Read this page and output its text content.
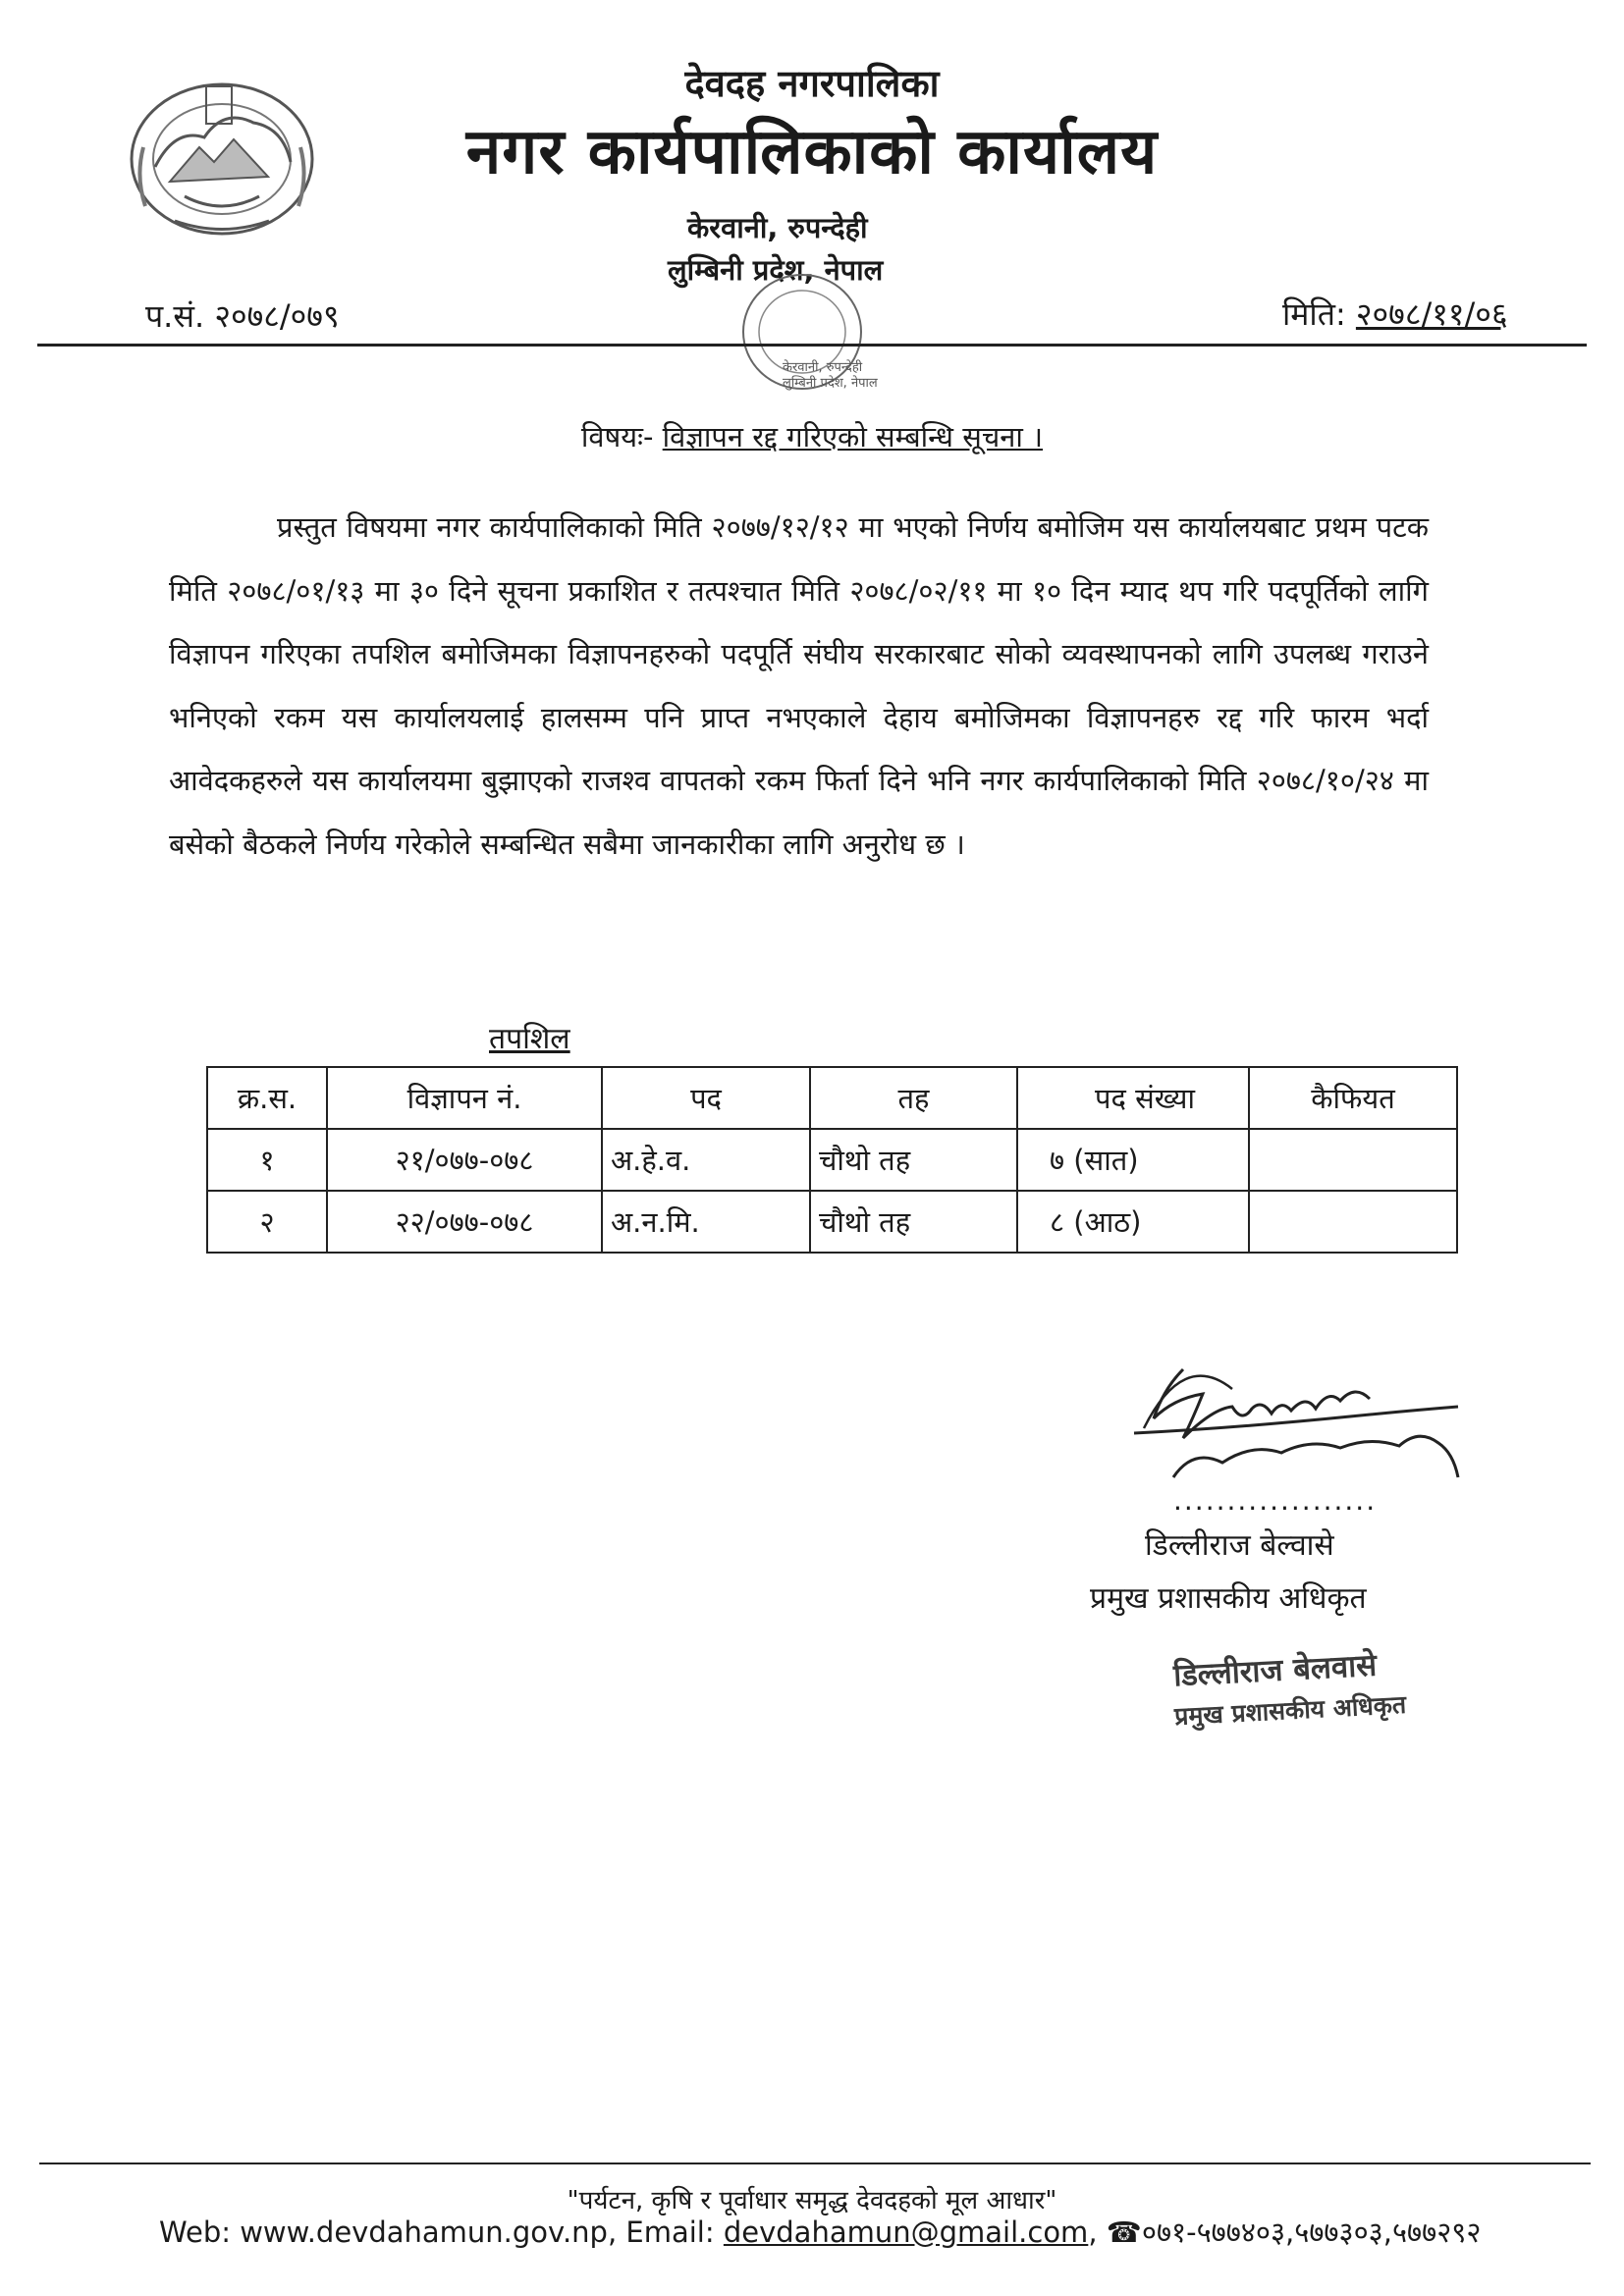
देवदह नगरपालिका
नगर कार्यपालिकाको कार्यालय
केरवानी, रुपन्देही
लुम्बिनी प्रदेश, नेपाल
केरवानी, रुपन्देही
लुम्बिनी प्रदेश, नेपाल
प.सं. २०७८/०७९	मिति: २०७८/११/०६
विषयः- विज्ञापन रद्द गरिएको सम्बन्धि सूचना ।
प्रस्तुत विषयमा नगर कार्यपालिकाको मिति २०७७/१२/१२ मा भएको निर्णय बमोजिम यस कार्यालयबाट प्रथम पटक मिति २०७८/०१/१३ मा ३० दिने सूचना प्रकाशित र तत्पश्चात मिति २०७८/०२/११ मा १० दिन म्याद थप गरि पदपूर्तिको लागि विज्ञापन गरिएका तपशिल बमोजिमका विज्ञापनहरुको पदपूर्ति संघीय सरकारबाट सोको व्यवस्थापनको लागि उपलब्ध गराउने भनिएको रकम यस कार्यालयलाई हालसम्म पनि प्राप्त नभएकाले देहाय बमोजिमका विज्ञापनहरु रद्द गरि फारम भर्दा आवेदकहरुले यस कार्यालयमा बुझाएको राजश्व वापतको रकम फिर्ता दिने भनि नगर कार्यपालिकाको मिति २०७८/१०/२४ मा बसेको बैठकले निर्णय गरेकोले सम्बन्धित सबैमा जानकारीका लागि अनुरोध छ ।
तपशिल
क्र.स.	विज्ञापन नं.	पद	तह	पद संख्या	कैफियत
१	२१/०७७-०७८	अ.हे.व.	चौथो तह	७ (सात)	
२	२२/०७७-०७८	अ.न.मि.	चौथो तह	८ (आठ)	
...................
डिल्लीराज बेल्वासे
प्रमुख प्रशासकीय अधिकृत
डिल्लीराज बेलवासे
प्रमुख प्रशासकीय अधिकृत
"पर्यटन, कृषि र पूर्वाधार समृद्ध देवदहको मूल आधार"
Web: www.devdahamun.gov.np, Email: devdahamun@gmail.com, ☎०७१-५७७४०३,५७७३०३,५७७२९२
